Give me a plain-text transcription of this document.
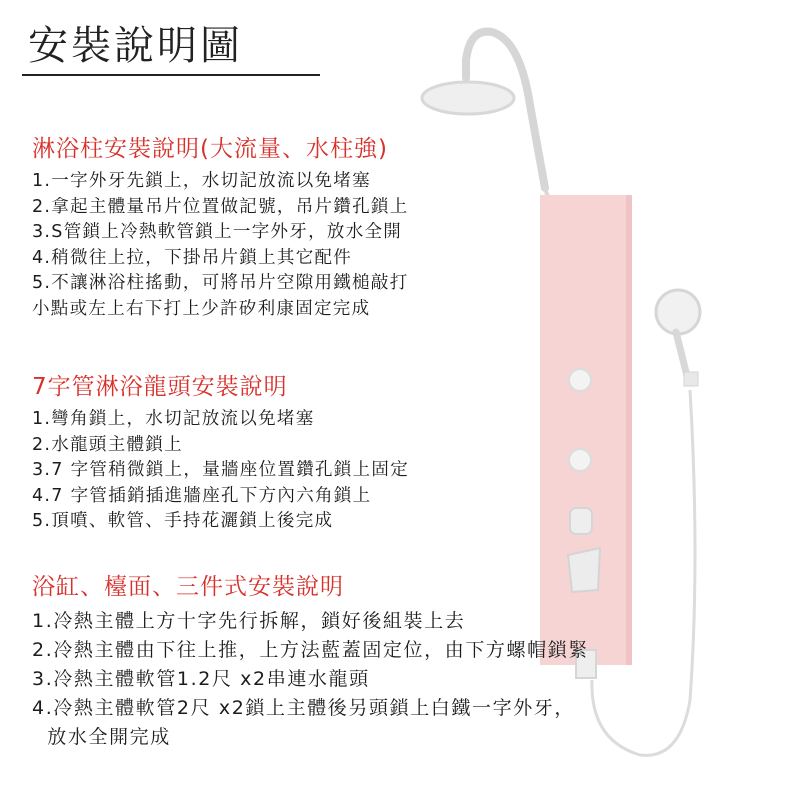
安裝說明圖
淋浴柱安裝說明(大流量、水柱強)
1.一字外牙先鎖上，水切記放流以免堵塞
2.拿起主體量吊片位置做記號，吊片鑽孔鎖上
3.S管鎖上冷熱軟管鎖上一字外牙，放水全開
4.稍微往上拉，下掛吊片鎖上其它配件
5.不讓淋浴柱搖動，可將吊片空隙用鐵槌敲打
小點或左上右下打上少許矽利康固定完成
7字管淋浴龍頭安裝說明
1.彎角鎖上，水切記放流以免堵塞
2.水龍頭主體鎖上
3.7 字管稍微鎖上，量牆座位置鑽孔鎖上固定
4.7 字管插銷插進牆座孔下方內六角鎖上
5.頂噴、軟管、手持花灑鎖上後完成
浴缸、檯面、三件式安裝說明
1.冷熱主體上方十字先行拆解，鎖好後組裝上去
2.冷熱主體由下往上推，上方法藍蓋固定位，由下方螺帽鎖緊
3.冷熱主體軟管1.2尺 x2串連水龍頭
4.冷熱主體軟管2尺 x2鎖上主體後另頭鎖上白鐵一字外牙，
放水全開完成
